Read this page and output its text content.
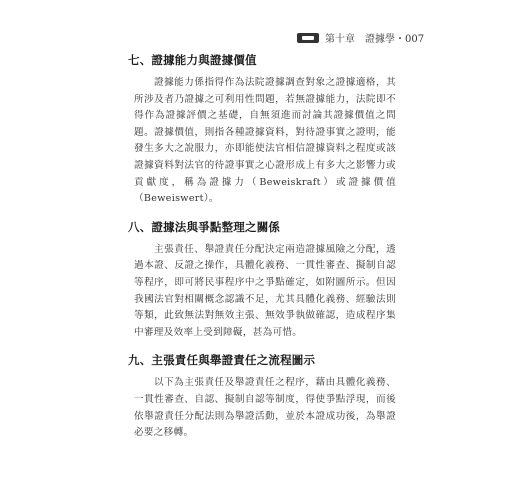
第十章　證據學・007
七、證據能力與證據價值

證據能力係指得作為法院證據調查對象之證據適格，其所涉及者乃證據之可利用性問題，若無證據能力，法院即不得作為證據評價之基礎，自無須進而討論其證據價值之問題。證據價值，則指各種證據資料，對待證事實之證明，能發生多大之說服力，亦即能使法官相信證據資料之程度或該證據資料對法官的待證事實之心證形成上有多大之影響力或貢獻度，稱為證據力（Beweiskraft）或證據價值（Beweiswert）。

八、證據法與爭點整理之關係

主張責任、舉證責任分配決定兩造證據風險之分配，透過本證、反證之操作，具體化義務、一貫性審查、擬制自認等程序，即可將民事程序中之爭點確定，如附圖所示。但因我國法官對相關概念認識不足，尤其具體化義務、經驗法則等類，此致無法對無效主張、無效爭執做確認，造成程序集中審理及效率上受到障礙，甚為可惜。

九、主張責任與舉證責任之流程圖示

以下為主張責任及舉證責任之程序，藉由具體化義務、一貫性審查、自認、擬制自認等制度，得使爭點浮現，而後依舉證責任分配法則為舉證活動，並於本證成功後，為舉證必要之移轉。
